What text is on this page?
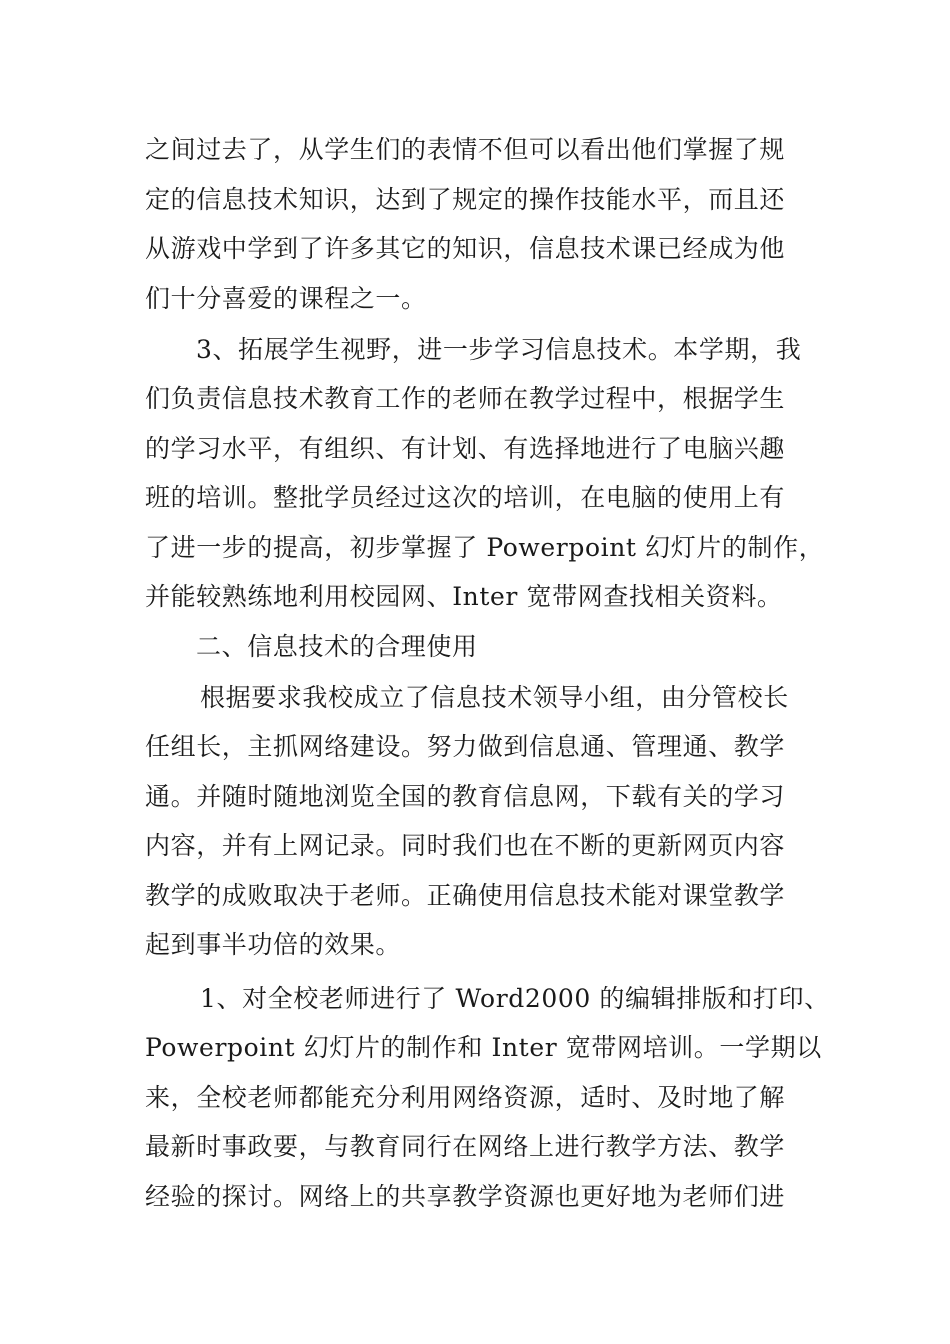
之间过去了，从学生们的表情不但可以看出他们掌握了规
定的信息技术知识，达到了规定的操作技能水平，而且还
从游戏中学到了许多其它的知识，信息技术课已经成为他
们十分喜爱的课程之一。
3、拓展学生视野，进一步学习信息技术。本学期，我
们负责信息技术教育工作的老师在教学过程中，根据学生
的学习水平，有组织、有计划、有选择地进行了电脑兴趣
班的培训。整批学员经过这次的培训，在电脑的使用上有
了进一步的提高，初步掌握了 Powerpoint 幻灯片的制作，
并能较熟练地利用校园网、Inter 宽带网查找相关资料。
二、信息技术的合理使用
根据要求我校成立了信息技术领导小组，由分管校长
任组长，主抓网络建设。努力做到信息通、管理通、教学
通。并随时随地浏览全国的教育信息网，下载有关的学习
内容，并有上网记录。同时我们也在不断的更新网页内容
教学的成败取决于老师。正确使用信息技术能对课堂教学
起到事半功倍的效果。
1、对全校老师进行了 Word2000 的编辑排版和打印、
Powerpoint 幻灯片的制作和 Inter 宽带网培训。一学期以
来，全校老师都能充分利用网络资源，适时、及时地了解
最新时事政要，与教育同行在网络上进行教学方法、教学
经验的探讨。网络上的共享教学资源也更好地为老师们进
